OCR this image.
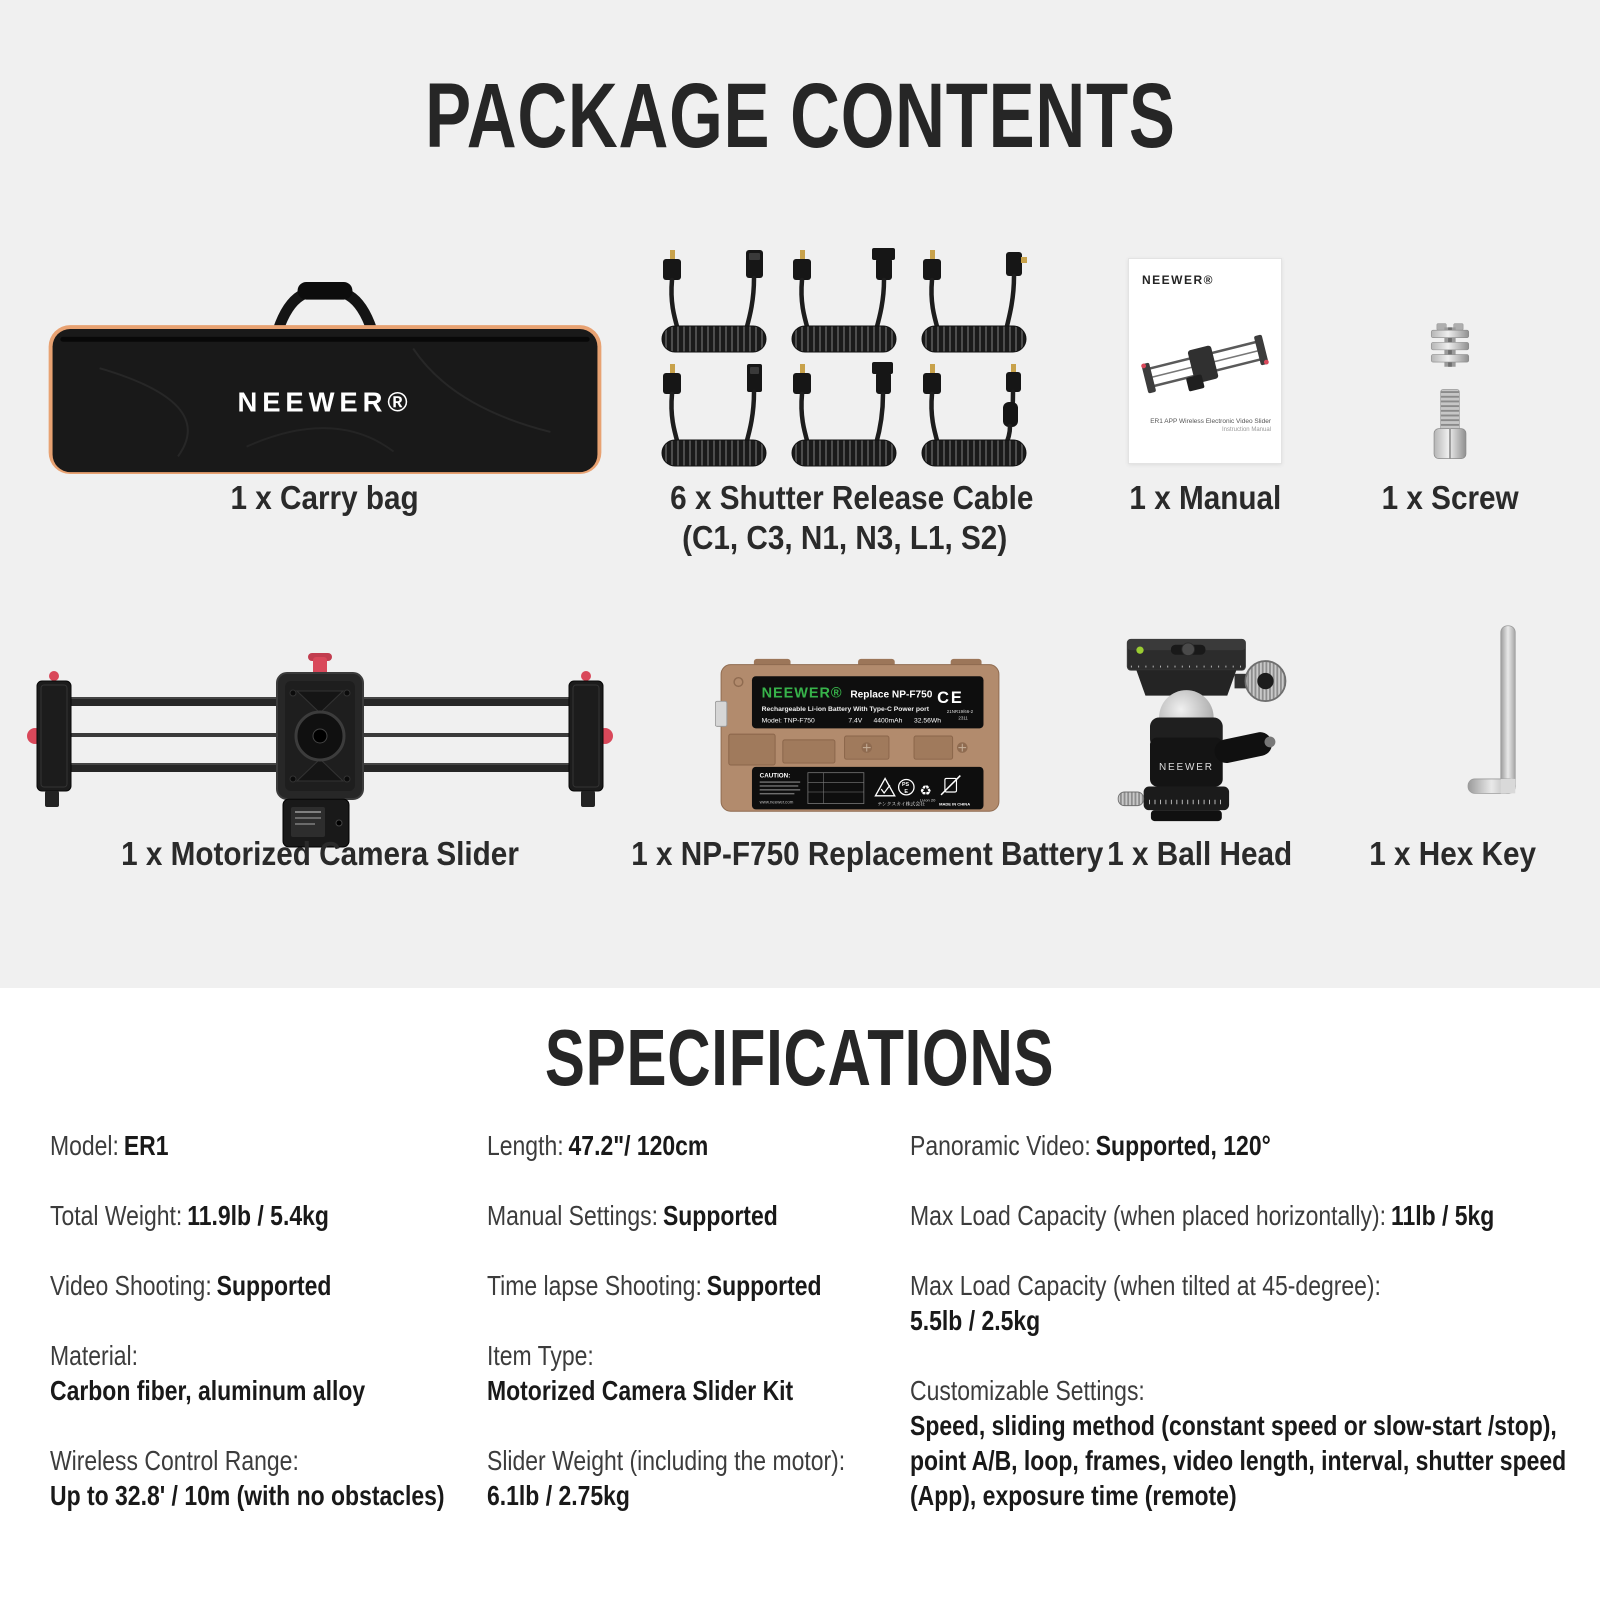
PACKAGE CONTENTS
NEEWER®
1 x Carry bag	6 x Shutter Release Cable
(C1, C3, N1, N3, L1, S2)
NEEWER®
ER1 APP Wireless Electronic Video Slider
Instruction Manual
1 x Manual	1 x Screw
1 x Motorized Camera Slider
NEEWER® Replace NP-F750
Rechargeable Li-ion Battery With Type-C Power port
Model: TNP-F750	7.4V 4400mAh 32.56Wh
CE
21NR19/66-2
2311
CAUTION:
www.neewer.com
PS
E ♻
Li-ion 20
テンクスカイ株式会社	MADE IN CHINA
1 x NP-F750 Replacement Battery
NEEWER
1 x Ball Head	1 x Hex Key
SPECIFICATIONS
Model: ER1
Total Weight: 11.9lb / 5.4kg
Video Shooting: Supported
Material:
Carbon fiber, aluminum alloy
Wireless Control Range:
Up to 32.8' / 10m (with no obstacles)
Length: 47.2"/ 120cm
Manual Settings: Supported
Time lapse Shooting: Supported
Item Type:
Motorized Camera Slider Kit
Slider Weight (including the motor):
6.1lb / 2.75kg
Panoramic Video: Supported, 120°
Max Load Capacity (when placed horizontally): 11lb / 5kg
Max Load Capacity (when tilted at 45-degree):
5.5lb / 2.5kg
Customizable Settings:
Speed, sliding method (constant speed or slow-start /stop), point A/B, loop, frames, video length, interval, shutter speed (App), exposure time (remote)
